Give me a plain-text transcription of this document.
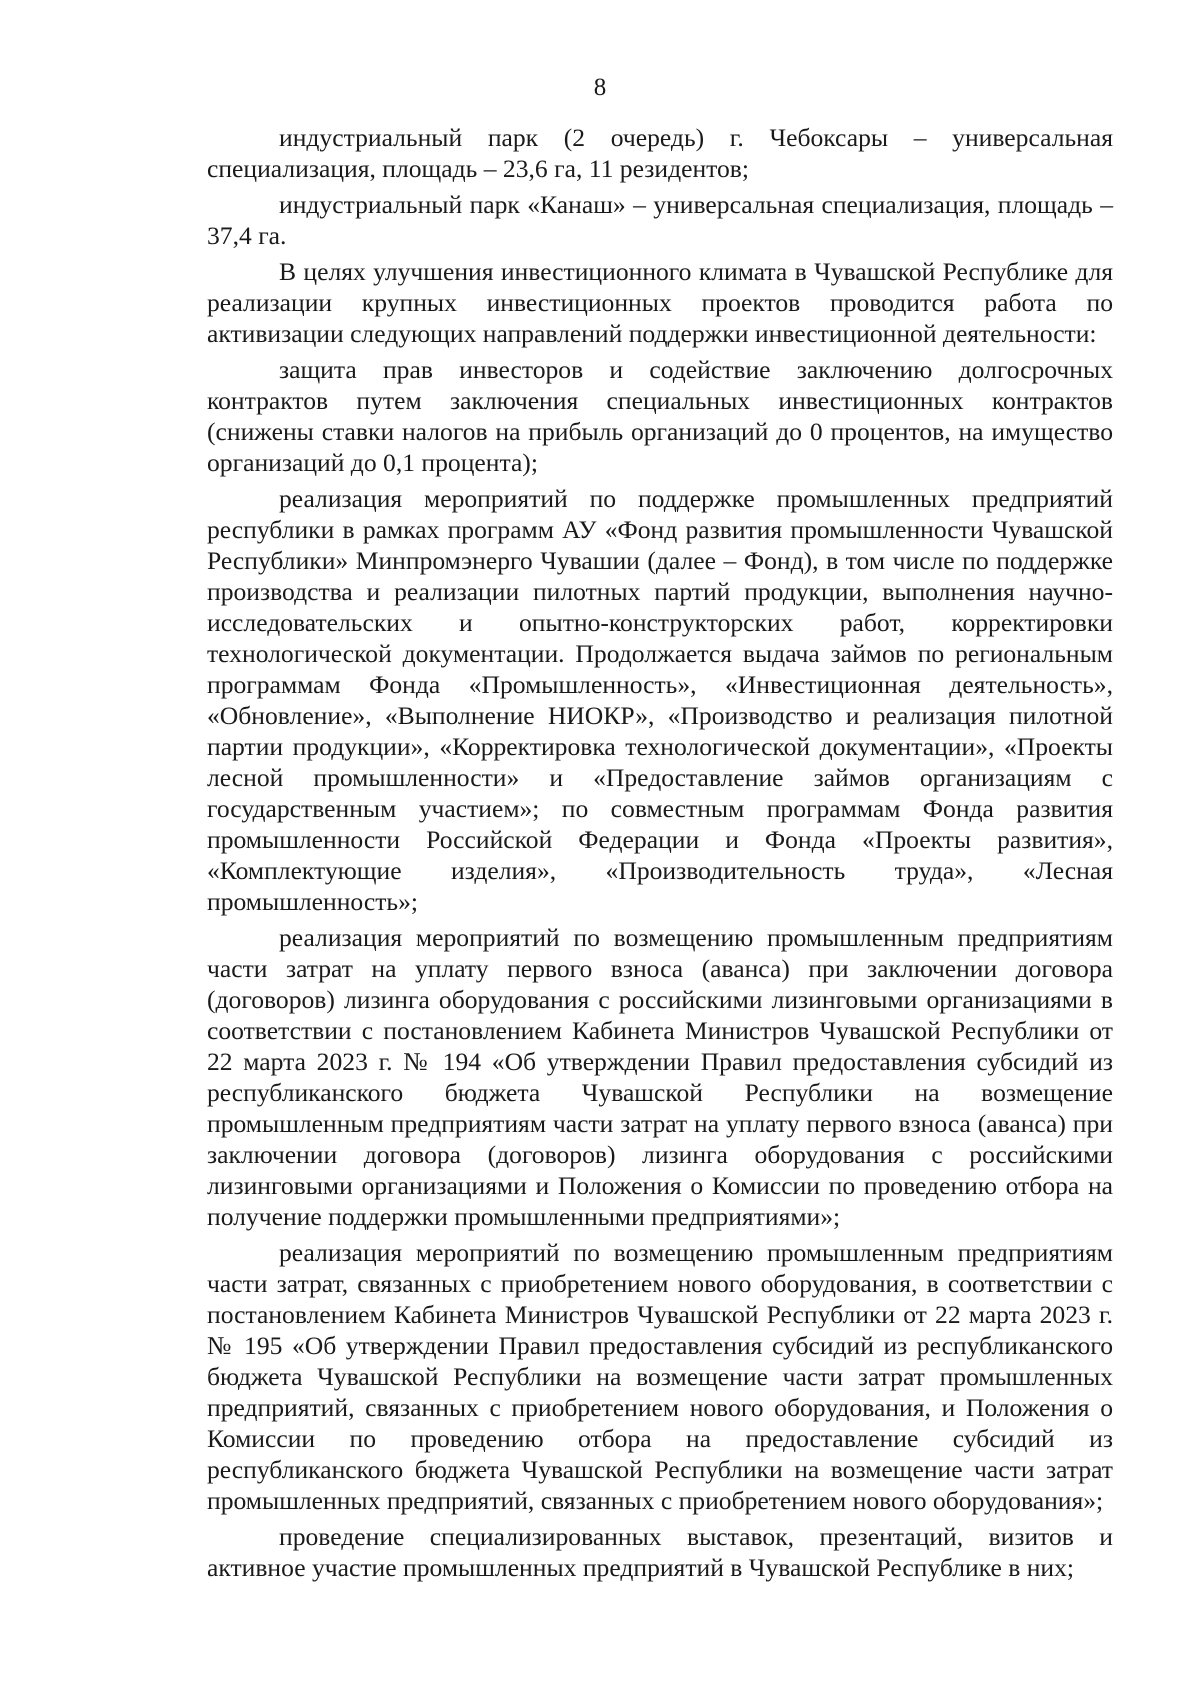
8

индустриальный парк (2 очередь) г. Чебоксары – универсальная специализация, площадь – 23,6 га, 11 резидентов;

индустриальный парк «Канаш» – универсальная специализация, площадь – 37,4 га.

В целях улучшения инвестиционного климата в Чувашской Республике для реализации крупных инвестиционных проектов проводится работа по активизации следующих направлений поддержки инвестиционной деятельности:

защита прав инвесторов и содействие заключению долгосрочных контрактов путем заключения специальных инвестиционных контрактов (снижены ставки налогов на прибыль организаций до 0 процентов, на имущество организаций до 0,1 процента);

реализация мероприятий по поддержке промышленных предприятий республики в рамках программ АУ «Фонд развития промышленности Чувашской Республики» Минпромэнерго Чувашии (далее – Фонд), в том числе по поддержке производства и реализации пилотных партий продукции, выполнения научно-исследовательских и опытно-конструкторских работ, корректировки технологической документации. Продолжается выдача займов по региональным программам Фонда «Промышленность», «Инвестиционная деятельность», «Обновление», «Выполнение НИОКР», «Производство и реализация пилотной партии продукции», «Корректировка технологической документации», «Проекты лесной промышленности» и «Предоставление займов организациям с государственным участием»; по совместным программам Фонда развития промышленности Российской Федерации и Фонда «Проекты развития», «Комплектующие изделия», «Производительность труда», «Лесная промышленность»;

реализация мероприятий по возмещению промышленным предприятиям части затрат на уплату первого взноса (аванса) при заключении договора (договоров) лизинга оборудования с российскими лизинговыми организациями в соответствии с постановлением Кабинета Министров Чувашской Республики от 22 марта 2023 г. № 194 «Об утверждении Правил предоставления субсидий из республиканского бюджета Чувашской Республики на возмещение промышленным предприятиям части затрат на уплату первого взноса (аванса) при заключении договора (договоров) лизинга оборудования с российскими лизинговыми организациями и Положения о Комиссии по проведению отбора на получение поддержки промышленными предприятиями»;

реализация мероприятий по возмещению промышленным предприятиям части затрат, связанных с приобретением нового оборудования, в соответствии с постановлением Кабинета Министров Чувашской Республики от 22 марта 2023 г. № 195 «Об утверждении Правил предоставления субсидий из республиканского бюджета Чувашской Республики на возмещение части затрат промышленных предприятий, связанных с приобретением нового оборудования, и Положения о Комиссии по проведению отбора на предоставление субсидий из республиканского бюджета Чувашской Республики на возмещение части затрат промышленных предприятий, связанных с приобретением нового оборудования»;

проведение специализированных выставок, презентаций, визитов и активное участие промышленных предприятий в Чувашской Республике в них;
